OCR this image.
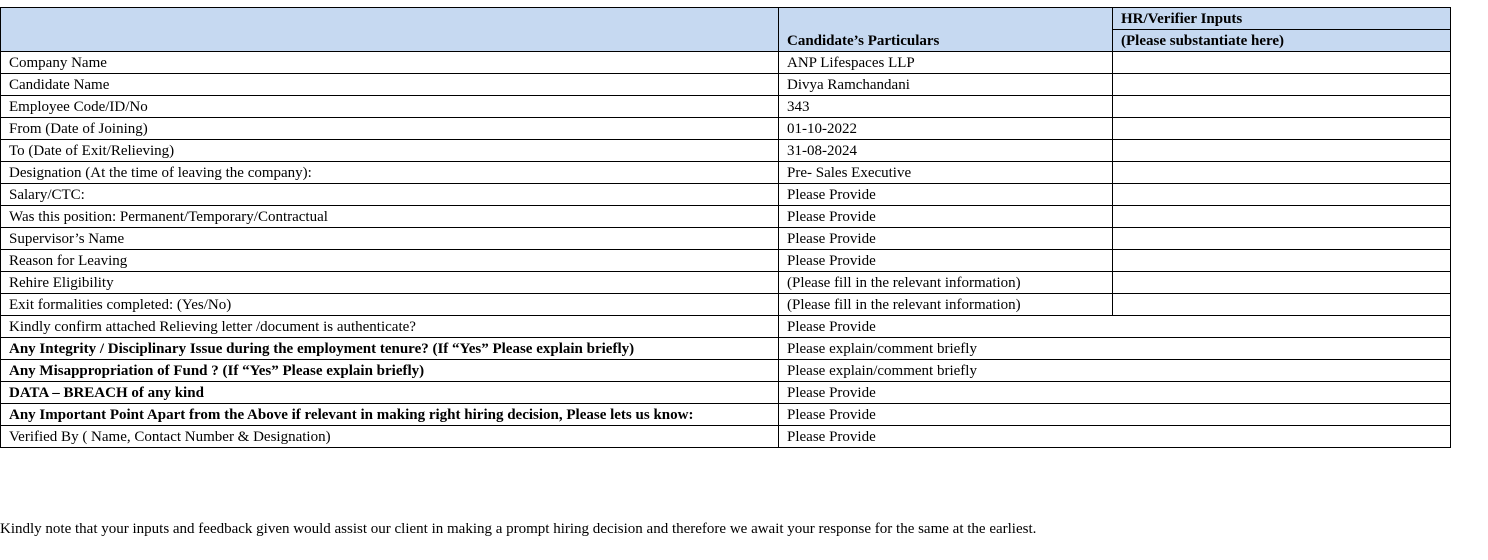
	Candidate’s Particulars	HR/Verifier Inputs
		(Please substantiate here)
Company Name	ANP Lifespaces LLP	
Candidate Name	Divya Ramchandani	
Employee Code/ID/No	343	
From (Date of Joining)	01-10-2022	
To (Date of Exit/Relieving)	31-08-2024	
Designation (At the time of leaving the company):	Pre- Sales Executive	
Salary/CTC:	Please Provide	
Was this position: Permanent/Temporary/Contractual	Please Provide	
Supervisor’s Name	Please Provide	
Reason for Leaving	Please Provide	
Rehire Eligibility	(Please fill in the relevant information)	
Exit formalities completed: (Yes/No)	(Please fill in the relevant information)	
Kindly confirm attached Relieving letter /document is authenticate?	Please Provide	
Any Integrity / Disciplinary Issue during the employment tenure? (If “Yes” Please explain briefly)	Please explain/comment briefly	
Any Misappropriation of Fund ? (If “Yes” Please explain briefly)	Please explain/comment briefly	
DATA – BREACH of any kind	Please Provide	
Any Important Point Apart from the Above if relevant in making right hiring decision, Please lets us know:	Please Provide	
Verified By ( Name, Contact Number & Designation)	Please Provide	
Kindly note that your inputs and feedback given would assist our client in making a prompt hiring decision and therefore we await your response for the same at the earliest.
